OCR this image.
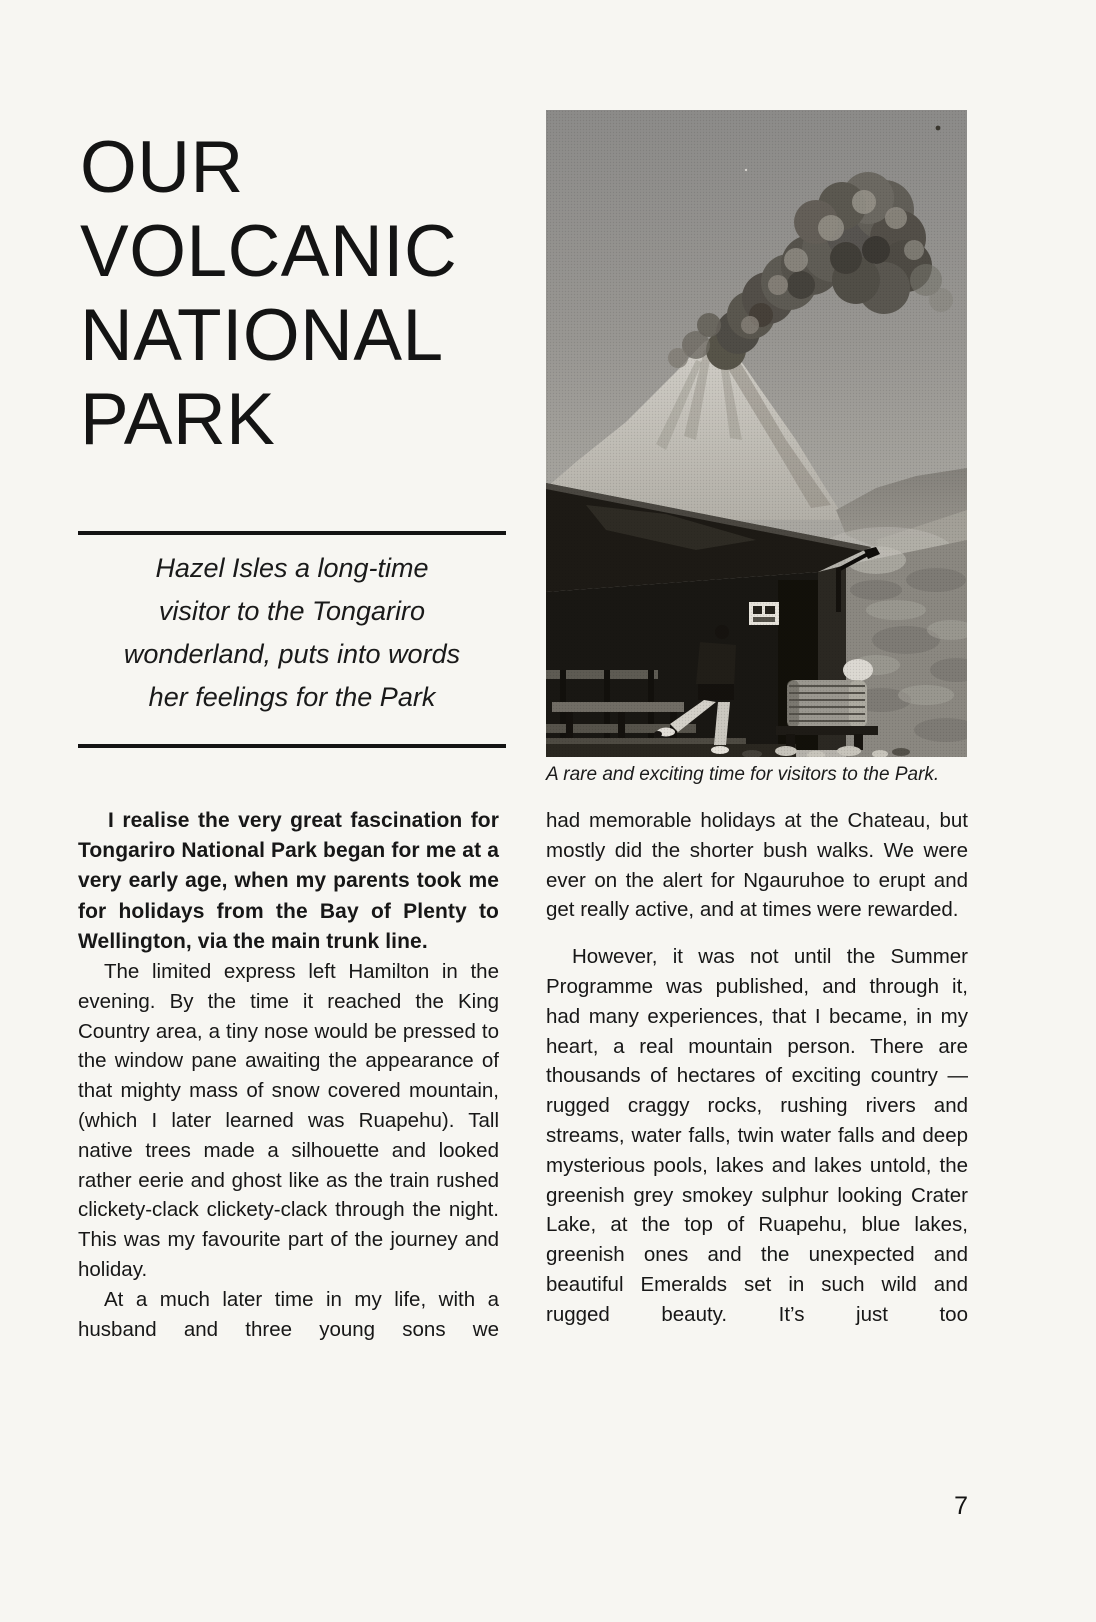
OUR
VOLCANIC
NATIONAL
PARK
Hazel Isles a long-time
visitor to the Tongariro
wonderland, puts into words
her feelings for the Park
A rare and exciting time for visitors to the Park.

I realise the very great fascination for Tongariro National Park began for me at a very early age, when my parents took me for holidays from the Bay of Plenty to Wellington, via the main trunk line.

The limited express left Hamilton in the evening. By the time it reached the King Country area, a tiny nose would be pressed to the window pane awaiting the appearance of that mighty mass of snow covered mountain, (which I later learned was Ruapehu). Tall native trees made a silhouette and looked rather eerie and ghost like as the train rushed clickety-clack clickety-clack through the night. This was my favourite part of the journey and holiday.

At a much later time in my life, with a husband and three young sons we

had memorable holidays at the Chateau, but mostly did the shorter bush walks. We were ever on the alert for Ngauruhoe to erupt and get really active, and at times were rewarded.

However, it was not until the Summer Programme was published, and through it, had many experiences, that I became, in my heart, a real mountain person. There are thousands of hectares of exciting country — rugged craggy rocks, rushing rivers and streams, water falls, twin water falls and deep mysterious pools, lakes and lakes untold, the greenish grey smokey sulphur looking Crater Lake, at the top of Ruapehu, blue lakes, greenish ones and the unexpected and beautiful Emeralds set in such wild and rugged beauty. It’s just too

7
